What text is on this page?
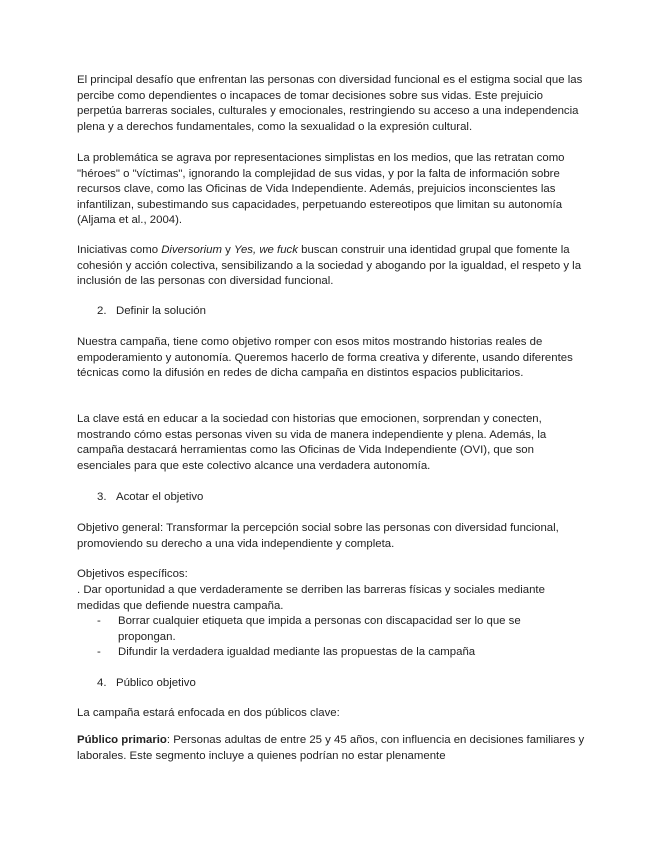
El principal desafío que enfrentan las personas con diversidad funcional es el estigma social que las percibe como dependientes o incapaces de tomar decisiones sobre sus vidas. Este prejuicio perpetúa barreras sociales, culturales y emocionales, restringiendo su acceso a una independencia plena y a derechos fundamentales, como la sexualidad o la expresión cultural.

La problemática se agrava por representaciones simplistas en los medios, que las retratan como "héroes" o "víctimas", ignorando la complejidad de sus vidas, y por la falta de información sobre recursos clave, como las Oficinas de Vida Independiente. Además, prejuicios inconscientes las infantilizan, subestimando sus capacidades, perpetuando estereotipos que limitan su autonomía (Aljama et al., 2004).

Iniciativas como Diversorium y Yes, we fuck buscan construir una identidad grupal que fomente la cohesión y acción colectiva, sensibilizando a la sociedad y abogando por la igualdad, el respeto y la inclusión de las personas con diversidad funcional.

2. Definir la solución

Nuestra campaña, tiene como objetivo romper con esos mitos mostrando historias reales de empoderamiento y autonomía. Queremos hacerlo de forma creativa y diferente, usando diferentes técnicas como la difusión en redes de dicha campaña en distintos espacios publicitarios.

La clave está en educar a la sociedad con historias que emocionen, sorprendan y conecten, mostrando cómo estas personas viven su vida de manera independiente y plena. Además, la campaña destacará herramientas como las Oficinas de Vida Independiente (OVI), que son esenciales para que este colectivo alcance una verdadera autonomía.

3. Acotar el objetivo

Objetivo general: Transformar la percepción social sobre las personas con diversidad funcional, promoviendo su derecho a una vida independiente y completa.

Objetivos específicos:

. Dar oportunidad a que verdaderamente se derriben las barreras físicas y sociales mediante medidas que defiende nuestra campaña.

- Borrar cualquier etiqueta que impida a personas con discapacidad ser lo que se propongan.
- Difundir la verdadera igualdad mediante las propuestas de la campaña

4. Público objetivo

La campaña estará enfocada en dos públicos clave:

Público primario: Personas adultas de entre 25 y 45 años, con influencia en decisiones familiares y laborales. Este segmento incluye a quienes podrían no estar plenamente
